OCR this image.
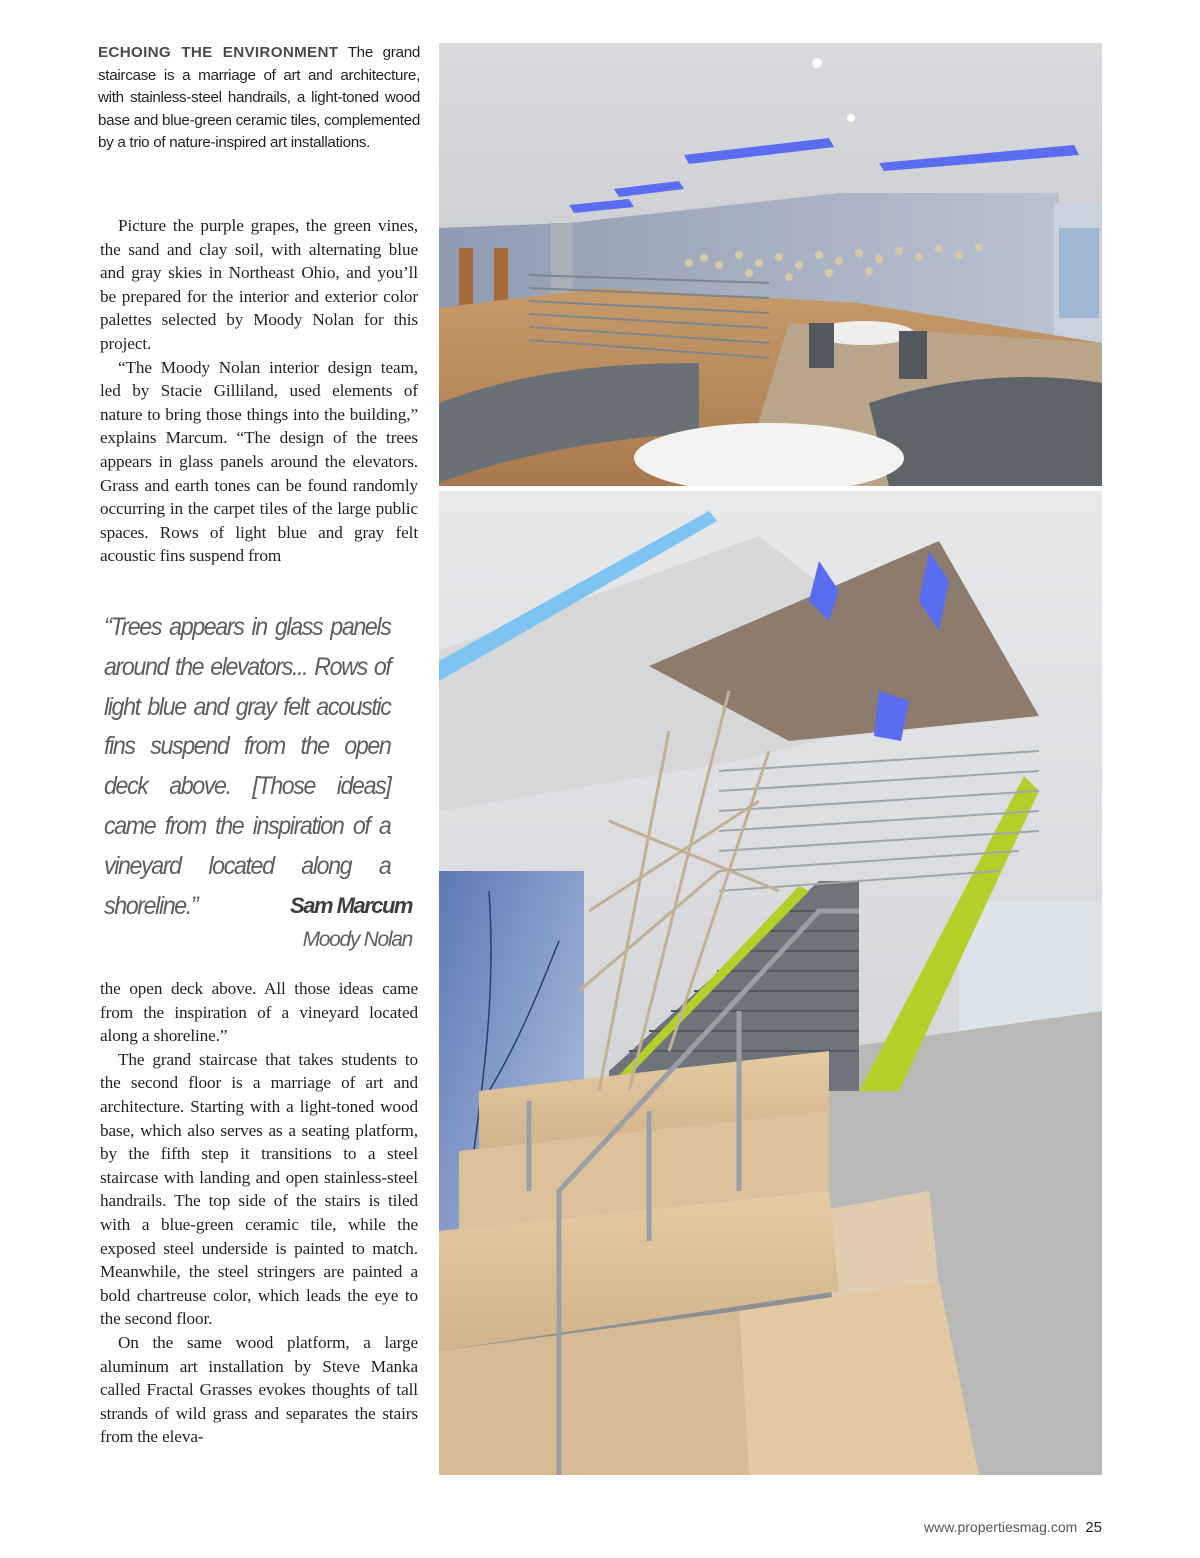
ECHOING THE ENVIRONMENT The grand staircase is a marriage of art and architecture, with stainless-steel handrails, a light-toned wood base and blue-green ceramic tiles, complemented by a trio of nature-inspired art installations.

Picture the purple grapes, the green vines, the sand and clay soil, with alternating blue and gray skies in Northeast Ohio, and you’ll be prepared for the interior and exterior color palettes selected by Moody Nolan for this project.

“The Moody Nolan interior design team, led by Stacie Gilliland, used elements of nature to bring those things into the building,” explains Marcum. “The design of the trees appears in glass panels around the elevators. Grass and earth tones can be found randomly occurring in the carpet tiles of the large public spaces. Rows of light blue and gray felt acoustic fins suspend from

“Trees appears in glass panels around the elevators... Rows of light blue and gray felt acoustic fins suspend from the open deck above. [Those ideas] came from the inspiration of a vineyard located along a shoreline.”	Sam Marcum
Moody Nolan

the open deck above. All those ideas came from the inspiration of a vineyard located along a shoreline.”

The grand staircase that takes students to the second floor is a marriage of art and architecture. Starting with a light-toned wood base, which also serves as a seating platform, by the fifth step it transitions to a steel staircase with landing and open stainless-steel handrails. The top side of the stairs is tiled with a blue-green ceramic tile, while the exposed steel underside is painted to match. Meanwhile, the steel stringers are painted a bold chartreuse color, which leads the eye to the second floor.

On the same wood platform, a large aluminum art installation by Steve Manka called Fractal Grasses evokes thoughts of tall strands of wild grass and separates the stairs from the eleva-

www.propertiesmag.com 25
